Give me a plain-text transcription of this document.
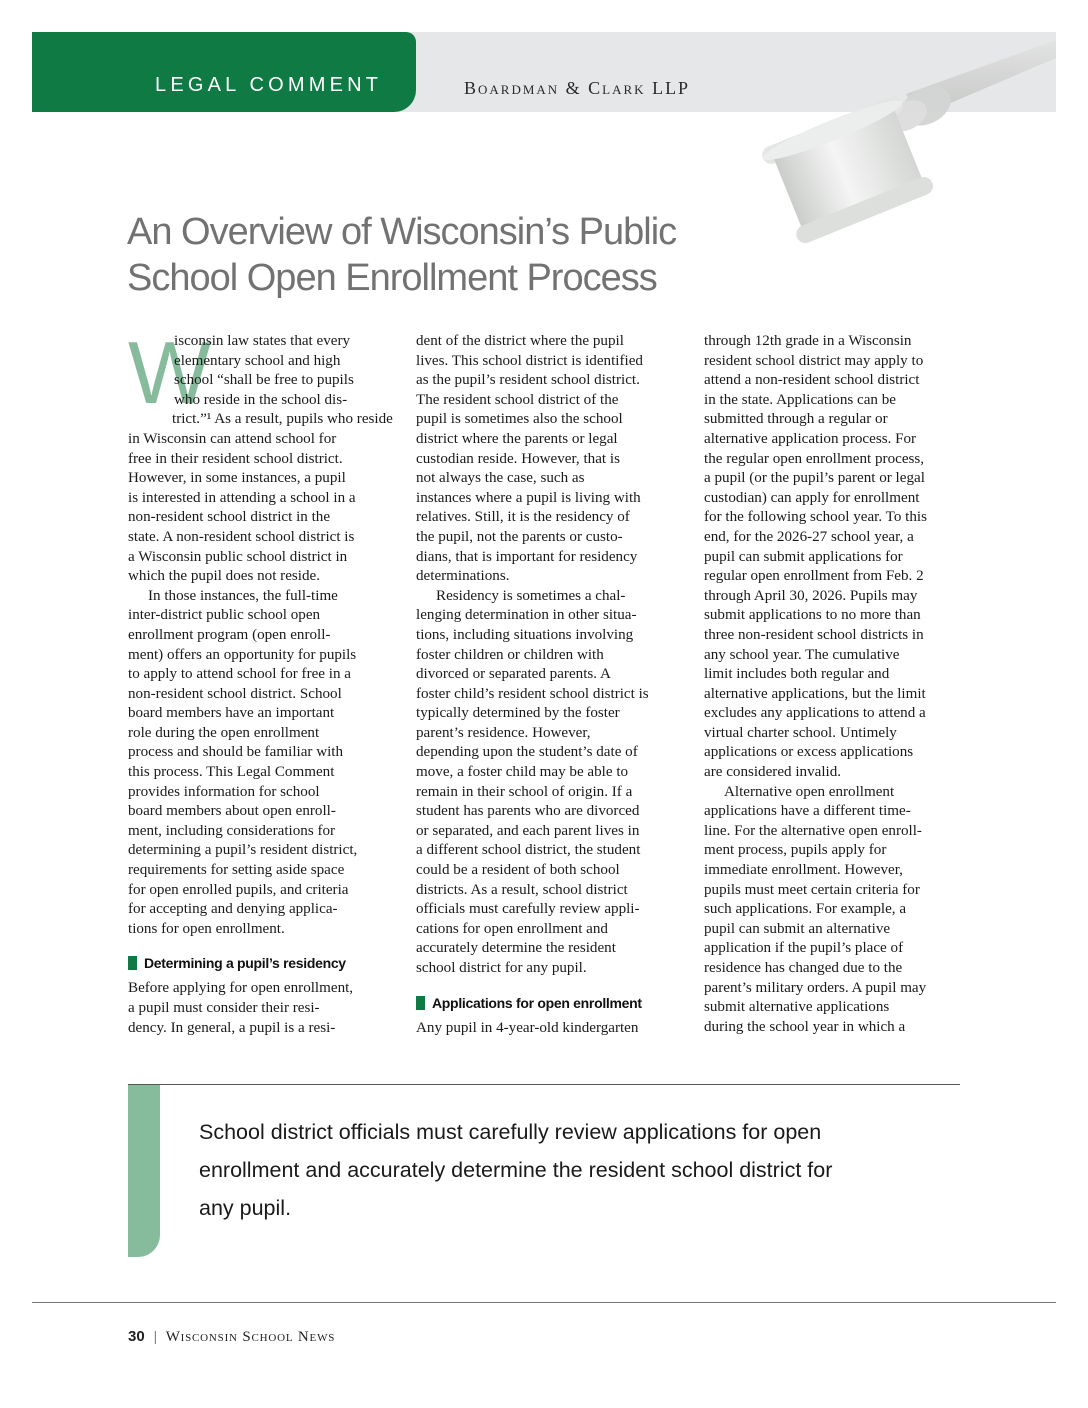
LEGAL COMMENT	Boardman & Clark LLP
An Overview of Wisconsin’s Public
School Open Enrollment Process

W
isconsin law states that every
elementary school and high
school “shall be free to pupils
who reside in the school dis-
trict.”¹ As a result, pupils who reside
in Wisconsin can attend school for
free in their resident school district.
However, in some instances, a pupil
is interested in attending a school in a
non-resident school district in the
state. A non-resident school district is
a Wisconsin public school district in
which the pupil does not reside.

In those instances, the full-time
inter-district public school open
enrollment program (open enroll-
ment) offers an opportunity for pupils
to apply to attend school for free in a
non-resident school district. School
board members have an important
role during the open enrollment
process and should be familiar with
this process. This Legal Comment
provides information for school
board members about open enroll-
ment, including considerations for
determining a pupil’s resident district,
requirements for setting aside space
for open enrolled pupils, and criteria
for accepting and denying applica-
tions for open enrollment.

Determining a pupil’s residency

Before applying for open enrollment,
a pupil must consider their resi-
dency. In general, a pupil is a resi-

dent of the district where the pupil
lives. This school district is identified
as the pupil’s resident school district.
The resident school district of the
pupil is sometimes also the school
district where the parents or legal
custodian reside. However, that is
not always the case, such as
instances where a pupil is living with
relatives. Still, it is the residency of
the pupil, not the parents or custo-
dians, that is important for residency
determinations.

Residency is sometimes a chal-
lenging determination in other situa-
tions, including situations involving
foster children or children with
divorced or separated parents. A
foster child’s resident school district is
typically determined by the foster
parent’s residence. However,
depending upon the student’s date of
move, a foster child may be able to
remain in their school of origin. If a
student has parents who are divorced
or separated, and each parent lives in
a different school district, the student
could be a resident of both school
districts. As a result, school district
officials must carefully review appli-
cations for open enrollment and
accurately determine the resident
school district for any pupil.

Applications for open enrollment

Any pupil in 4-year-old kindergarten

through 12th grade in a Wisconsin
resident school district may apply to
attend a non-resident school district
in the state. Applications can be
submitted through a regular or
alternative application process. For
the regular open enrollment process,
a pupil (or the pupil’s parent or legal
custodian) can apply for enrollment
for the following school year. To this
end, for the 2026-27 school year, a
pupil can submit applications for
regular open enrollment from Feb. 2
through April 30, 2026. Pupils may
submit applications to no more than
three non-resident school districts in
any school year. The cumulative
limit includes both regular and
alternative applications, but the limit
excludes any applications to attend a
virtual charter school. Untimely
applications or excess applications
are considered invalid.

Alternative open enrollment
applications have a different time-
line. For the alternative open enroll-
ment process, pupils apply for
immediate enrollment. However,
pupils must meet certain criteria for
such applications. For example, a
pupil can submit an alternative
application if the pupil’s place of
residence has changed due to the
parent’s military orders. A pupil may
submit alternative applications
during the school year in which a

School district officials must carefully review applications for open
enrollment and accurately determine the resident school district for
any pupil.
30 | Wisconsin School News
